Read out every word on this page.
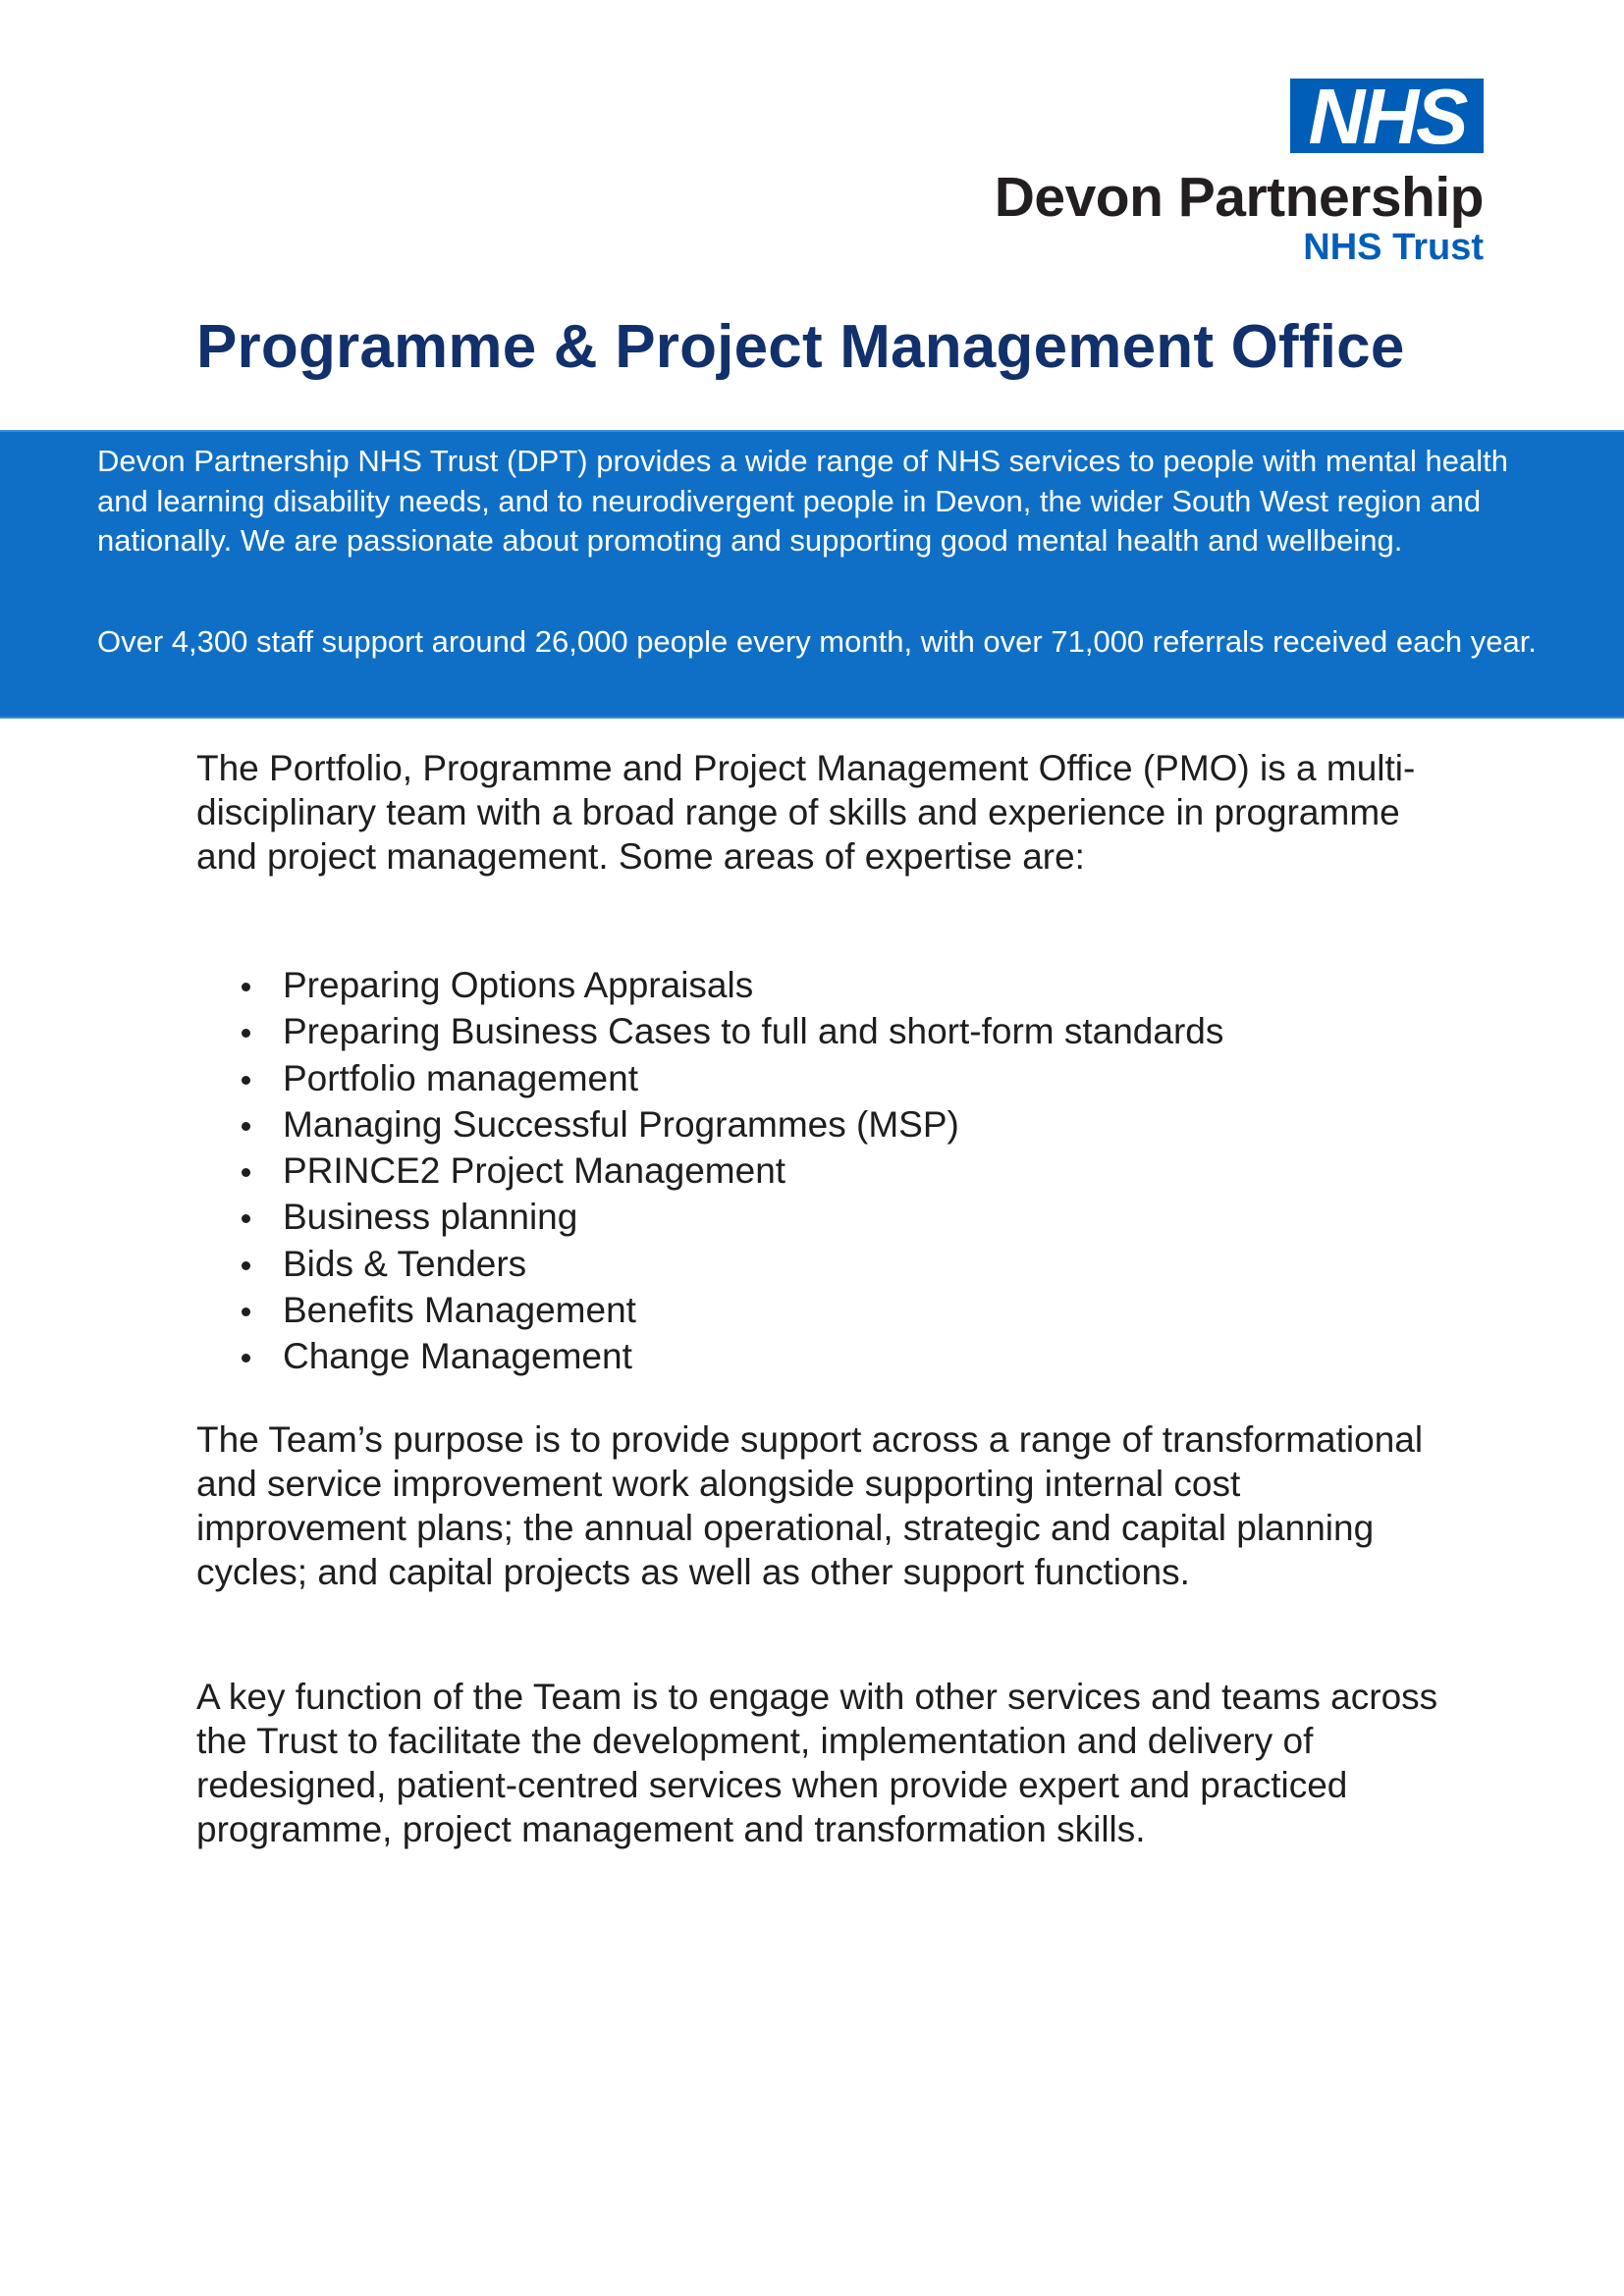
NHS
Devon Partnership
NHS Trust
Programme & Project Management Office

Devon Partnership NHS Trust (DPT) provides a wide range of NHS services to people with mental health and learning disability needs, and to neurodivergent people in Devon, the wider South West region and nationally. We are passionate about promoting and supporting good mental health and wellbeing.

Over 4,300 staff support around 26,000 people every month, with over 71,000 referrals received each year.

The Portfolio, Programme and Project Management Office (PMO) is a multi-disciplinary team with a broad range of skills and experience in programme and project management. Some areas of expertise are:

Preparing Options Appraisals
Preparing Business Cases to full and short-form standards
Portfolio management
Managing Successful Programmes (MSP)
PRINCE2 Project Management
Business planning
Bids & Tenders
Benefits Management
Change Management

The Team’s purpose is to provide support across a range of transformational and service improvement work alongside supporting internal cost improvement plans; the annual operational, strategic and capital planning cycles; and capital projects as well as other support functions.

A key function of the Team is to engage with other services and teams across the Trust to facilitate the development, implementation and delivery of redesigned, patient-centred services when provide expert and practiced programme, project management and transformation skills.
